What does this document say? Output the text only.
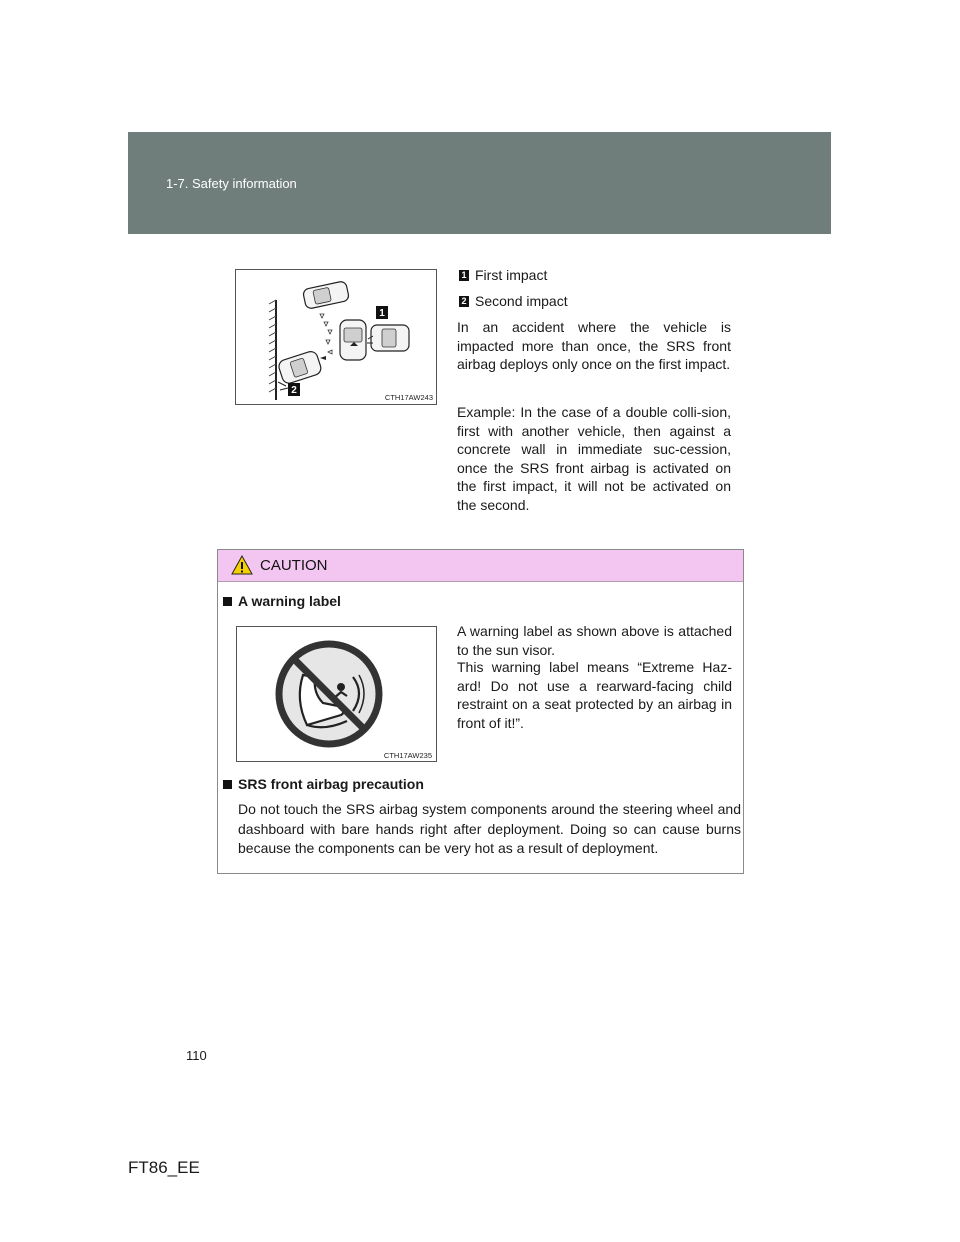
1-7. Safety information
1
2
CTH17AW243
1 First impact
2 Second impact

In an accident where the vehicle is impacted more than once, the SRS front airbag deploys only once on the first impact.

Example: In the case of a double colli-sion, first with another vehicle, then against a concrete wall in immediate suc-cession, once the SRS front airbag is activated on the first impact, it will not be activated on the second.

CAUTION
A warning label
CTH17AW235

A warning label as shown above is attached to the sun visor.

This warning label means “Extreme Haz-ard! Do not use a rearward-facing child restraint on a seat protected by an airbag in front of it!”.

SRS front airbag precaution

Do not touch the SRS airbag system components around the steering wheel and dashboard with bare hands right after deployment. Doing so can cause burns because the components can be very hot as a result of deployment.

110
FT86_EE
